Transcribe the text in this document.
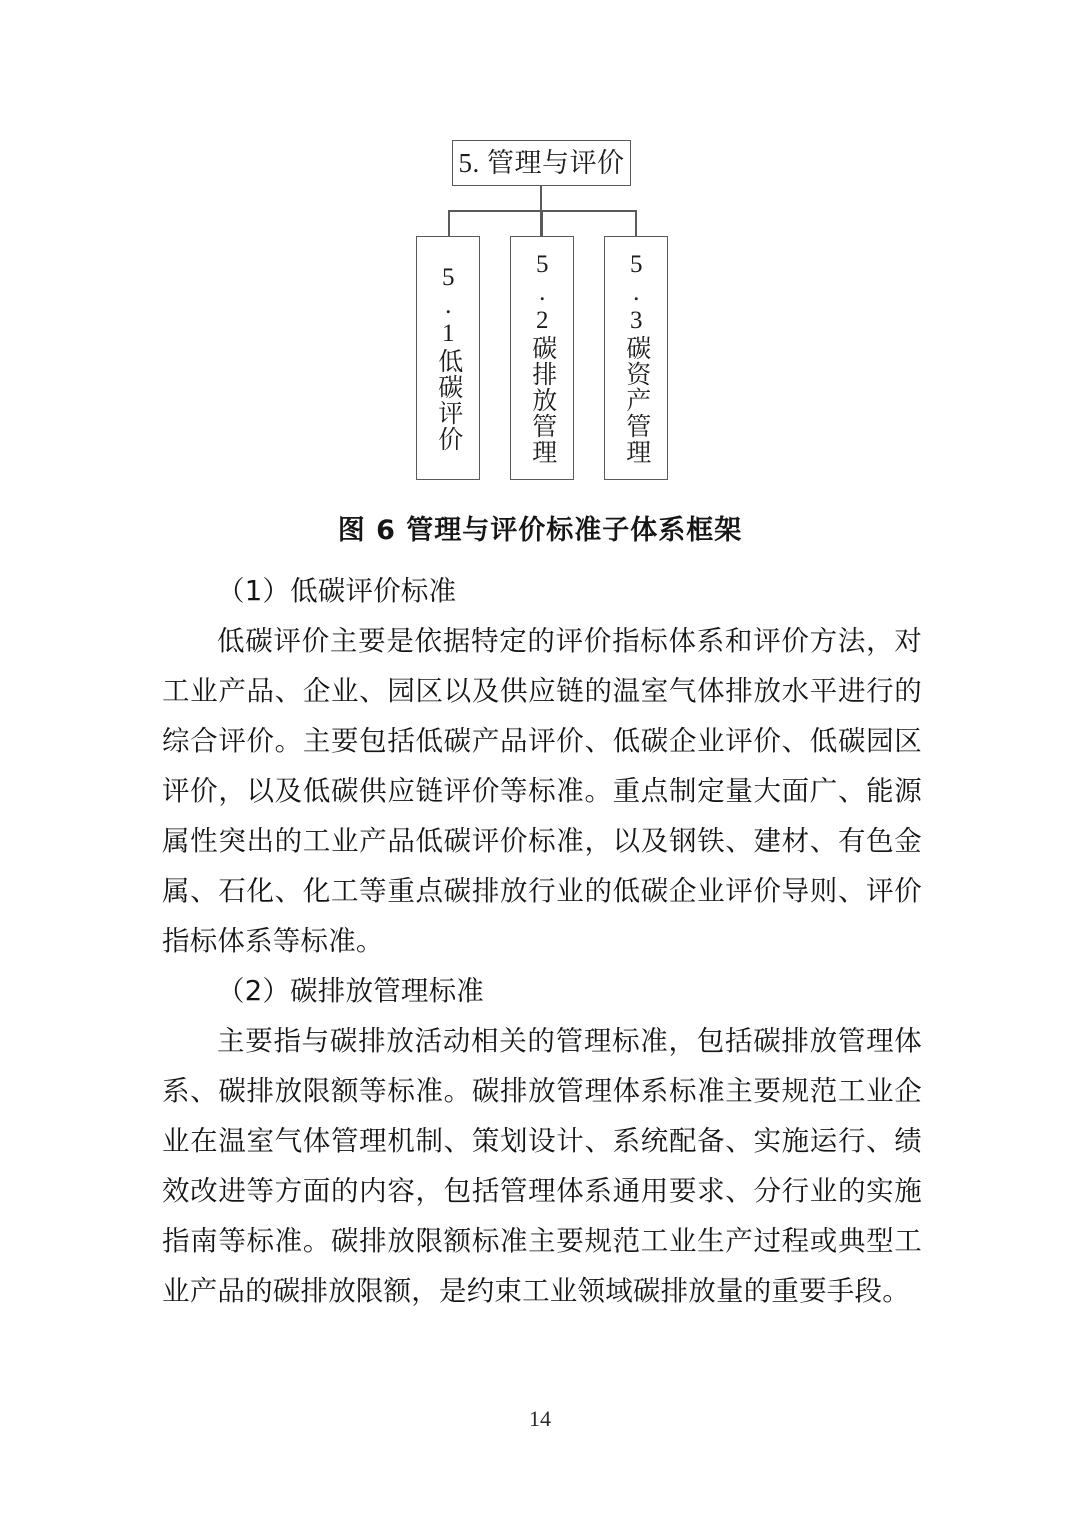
5. 管理与评价
5.1低碳评价	5.2碳排放管理	5.3碳资产管理
图 6 管理与评价标准子体系框架

（1）低碳评价标准

低碳评价主要是依据特定的评价指标体系和评价方法，对工业产品、企业、园区以及供应链的温室气体排放水平进行的综合评价。主要包括低碳产品评价、低碳企业评价、低碳园区评价，以及低碳供应链评价等标准。重点制定量大面广、能源属性突出的工业产品低碳评价标准，以及钢铁、建材、有色金属、石化、化工等重点碳排放行业的低碳企业评价导则、评价指标体系等标准。

（2）碳排放管理标准

主要指与碳排放活动相关的管理标准，包括碳排放管理体系、碳排放限额等标准。碳排放管理体系标准主要规范工业企业在温室气体管理机制、策划设计、系统配备、实施运行、绩效改进等方面的内容，包括管理体系通用要求、分行业的实施指南等标准。碳排放限额标准主要规范工业生产过程或典型工业产品的碳排放限额，是约束工业领域碳排放量的重要手段。

14
